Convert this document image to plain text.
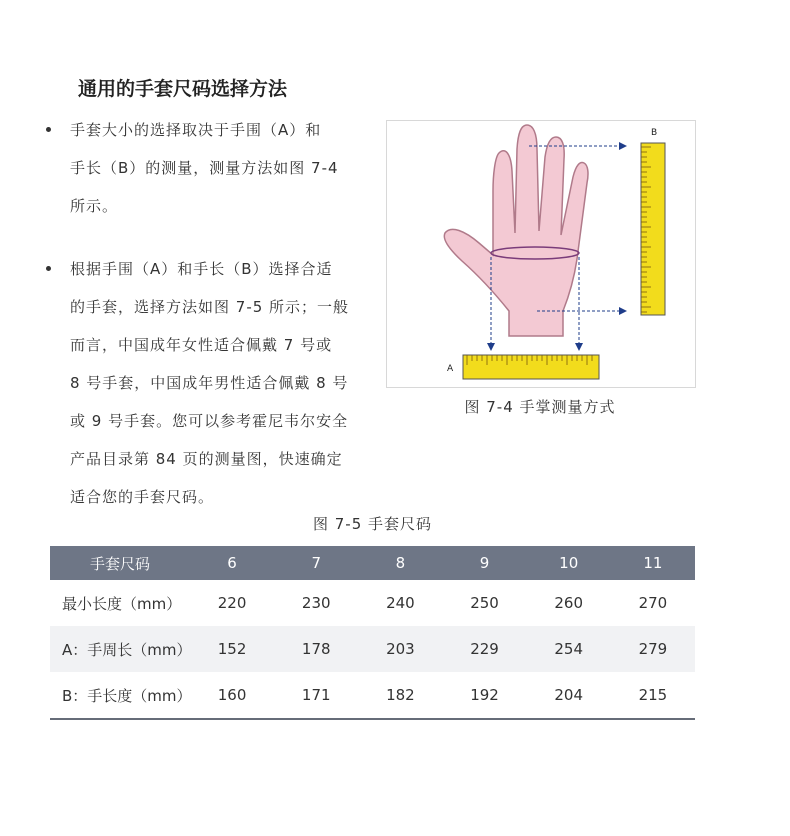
通用的手套尺码选择方法
手套大小的选择取决于手围（A）和
手长（B）的测量，测量方法如图 7-4
所示。
根据手围（A）和手长（B）选择合适
的手套，选择方法如图 7-5 所示；一般
而言，中国成年女性适合佩戴 7 号或
8 号手套，中国成年男性适合佩戴 8 号
或 9 号手套。您可以参考霍尼韦尔安全
产品目录第 84 页的测量图，快速确定
适合您的手套尺码。
B
A
图 7-4 手掌测量方式
图 7-5 手套尺码
手套尺码	6	7	8	9	10	11
最小长度（mm）	220	230	240	250	260	270
A：手周长（mm）	152	178	203	229	254	279
B：手长度（mm）	160	171	182	192	204	215
